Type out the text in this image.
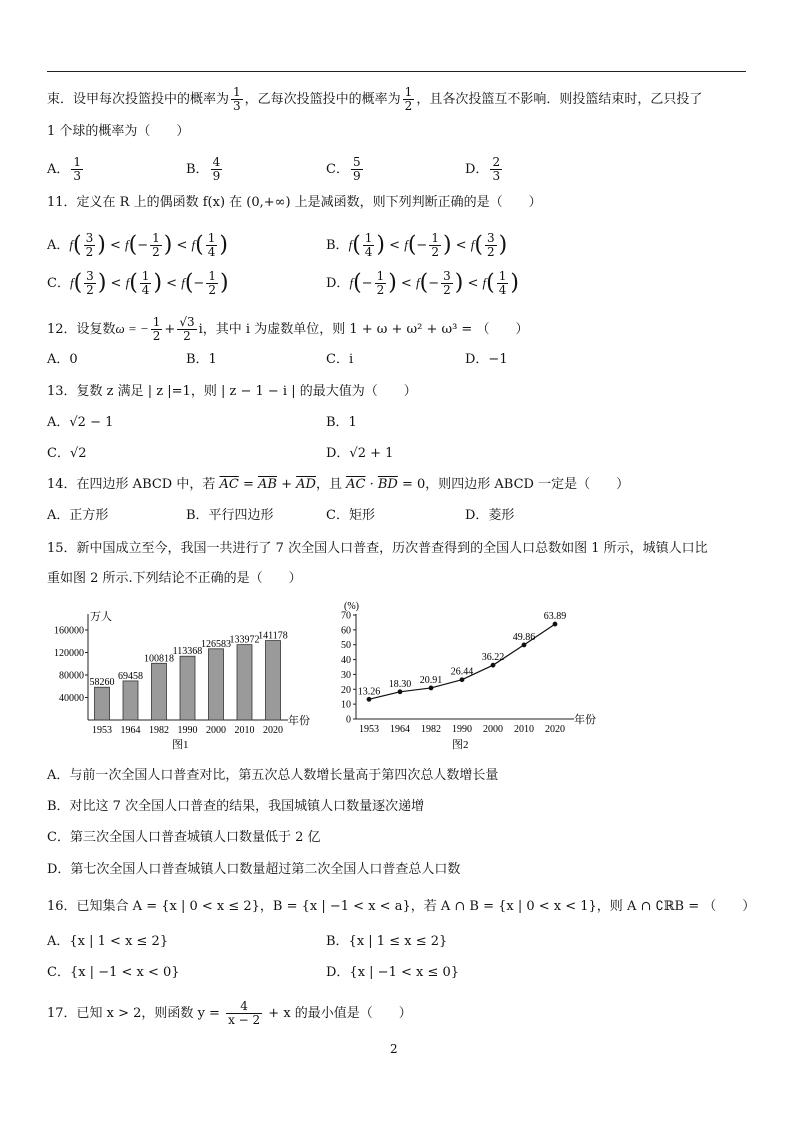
束．设甲每次投篮投中的概率为 $\frac{1}{3}$ ，乙每次投篮投中的概率为 $\frac{1}{2}$ ，且各次投篮互不影响．则投篮结束时，乙只投了
1 个球的概率为（　　）
A． $\frac{1}{3}$	B． $\frac{4}{9}$	C． $\frac{5}{9}$	D． $\frac{2}{3}$
11．定义在 R 上的偶函数 f(x) 在 (0,+∞) 上是减函数，则下列判断正确的是（　　）
A．$f( \frac{3}{2}$ ) < $f(- \frac{1}{2}$ ) < $f( \frac{1}{4}$ )	B．$f( \frac{1}{4}$ ) < $f(- \frac{1}{2}$ ) < $f( \frac{3}{2}$ )
C．$f( \frac{3}{2}$ ) < $f( \frac{1}{4}$ ) < $f(- \frac{1}{2}$ )	D．$f(- \frac{1}{2}$ ) < $f(- \frac{3}{2}$ ) < $f( \frac{1}{4}$ )
12．设复数ω = − $\frac{1}{2} + \frac{√3}{2}$ i，其中 i 为虚数单位，则 1 + ω + ω² + ω³ = （　　）
A．0	B．1	C．i	D．−1
13．复数 z 满足 | z |=1，则 | z − 1 − i | 的最大值为（　　）
A．√2 − 1	B．1
C．√2	D．√2 + 1
14．在四边形 ABCD 中，若 $\overline{AC} = \overline{AB} + \overline{AD}$，且 $\overline{AC} \cdot \overline{BD} = 0$，则四边形 ABCD 一定是（　　）
A．正方形	B．平行四边形	C．矩形	D．菱形
15．新中国成立至今，我国一共进行了 7 次全国人口普查，历次普查得到的全国人口总数如图 1 所示，城镇人口比
重如图 2 所示.下列结论不正确的是（　　）
万人
年份
图1
40000
80000
120000
160000
58260
1953
69458
1964
100818
1982
113368
1990
126583
2000
133972
2010
141178
2020
(%)
年份
图2
0
10
20
30
40
50
60
70
13.26
1953
18.30
1964
20.91
1982
26.44
1990
36.22
2000
49.86
2010
63.89
2020
A．与前一次全国人口普查对比，第五次总人数增长量高于第四次总人数增长量
B．对比这 7 次全国人口普查的结果，我国城镇人口数量逐次递增
C．第三次全国人口普查城镇人口数量低于 2 亿
D．第七次全国人口普查城镇人口数量超过第二次全国人口普查总人口数
16．已知集合 A = {x | 0 < x ≤ 2}，B = {x | −1 < x < a}，若 A ∩ B = {x | 0 < x < 1}，则 A ∩ ∁ℝB = （　　）
A．{x | 1 < x ≤ 2}	B．{x | 1 ≤ x ≤ 2}
C．{x | −1 < x < 0}	D．{x | −1 < x ≤ 0}
17．已知 x > 2，则函数 $y = \frac{4}{x - 2} + x$ 的最小值是（　　）
2
